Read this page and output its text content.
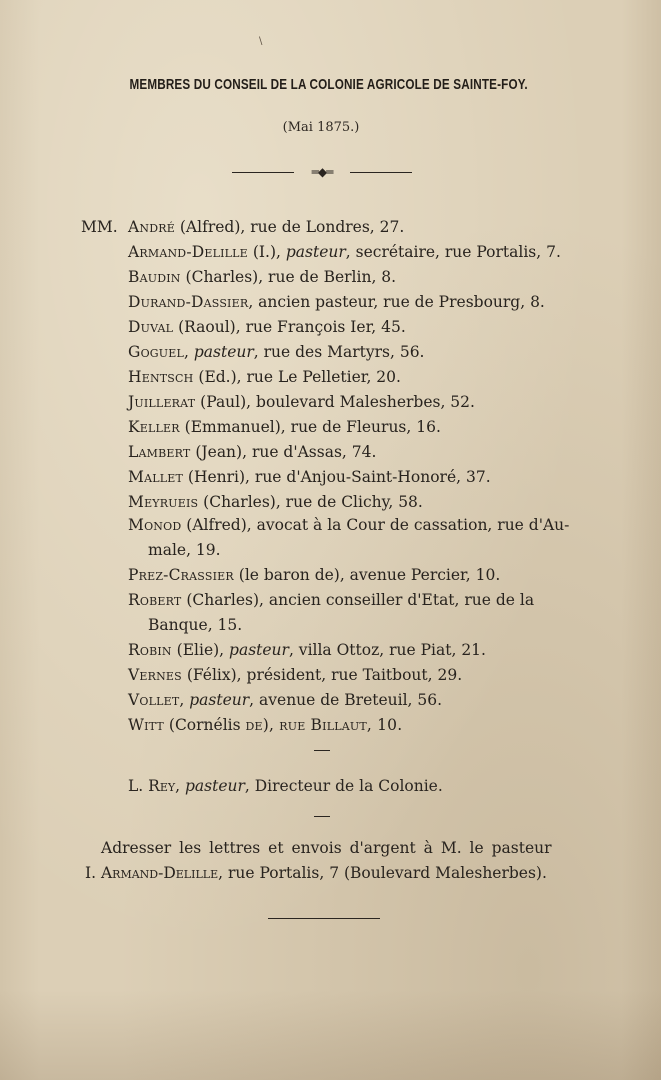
\
MEMBRES DU CONSEIL DE LA COLONIE AGRICOLE DE SAINTE-FOY.
(Mai 1875.)
═◆═
MM. André (Alfred), rue de Londres, 27.
Armand-Delille (I.), pasteur, secrétaire, rue Portalis, 7.
Baudin (Charles), rue de Berlin, 8.
Durand-Dassier, ancien pasteur, rue de Presbourg, 8.
Duval (Raoul), rue François Ier, 45.
Goguel, pasteur, rue des Martyrs, 56.
Hentsch (Ed.), rue Le Pelletier, 20.
Juillerat (Paul), boulevard Malesherbes, 52.
Keller (Emmanuel), rue de Fleurus, 16.
Lambert (Jean), rue d'Assas, 74.
Mallet (Henri), rue d'Anjou-Saint-Honoré, 37.
Meyrueis (Charles), rue de Clichy, 58.
Monod (Alfred), avocat à la Cour de cassation, rue d'Au-
Prez-Crassier (le baron de), avenue Percier, 10.
Robert (Charles), ancien conseiller d'Etat, rue de la
Robin (Elie), pasteur, villa Ottoz, rue Piat, 21.
Vernes (Félix), président, rue Taitbout, 29.
Vollet, pasteur, avenue de Breteuil, 56.
Witt (Cornélis de), rue Billaut, 10.
male, 19.
Banque, 15.
L. Rey, pasteur, Directeur de la Colonie.
Adresser les lettres et envois d'argent à M. le pasteur
I. Armand-Delille, rue Portalis, 7 (Boulevard Malesherbes).
